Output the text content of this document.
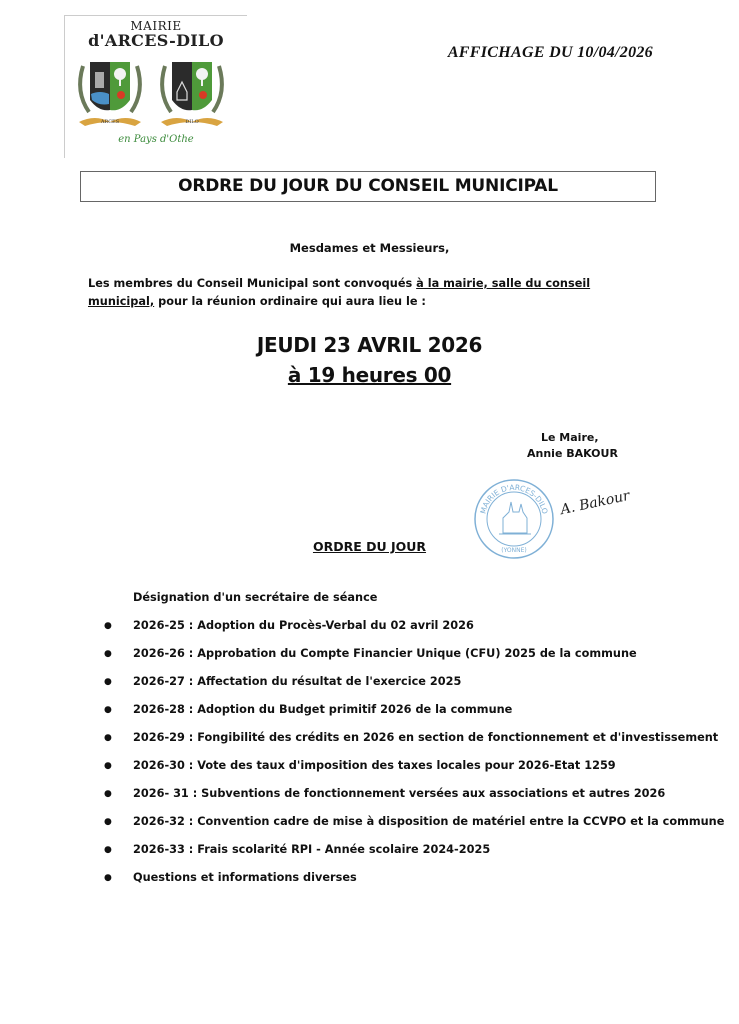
MAIRIE
d'ARCES-DILO
ARCES	DILO
en Pays d'Othe
AFFICHAGE DU 10/04/2026
ORDRE DU JOUR DU CONSEIL MUNICIPAL
Mesdames et Messieurs,
Les membres du Conseil Municipal sont convoqués à la mairie, salle du conseil municipal, pour la réunion ordinaire qui aura lieu le :
JEUDI 23 AVRIL 2026
à 19 heures 00
Le Maire,
Annie BAKOUR
MAIRIE D'ARCES-DILO
(YONNE)
A. Bakour
ORDRE DU JOUR
Désignation d'un secrétaire de séance
● 2026-25 : Adoption du Procès-Verbal du 02 avril 2026
● 2026-26 : Approbation du Compte Financier Unique (CFU) 2025 de la commune
● 2026-27 : Affectation du résultat de l'exercice 2025
● 2026-28 : Adoption du Budget primitif 2026 de la commune
● 2026-29 : Fongibilité des crédits en 2026 en section de fonctionnement et d'investissement
● 2026-30 : Vote des taux d'imposition des taxes locales pour 2026-Etat 1259
● 2026- 31 : Subventions de fonctionnement versées aux associations et autres 2026
● 2026-32 : Convention cadre de mise à disposition de matériel entre la CCVPO et la commune
● 2026-33 : Frais scolarité RPI - Année scolaire 2024-2025
● Questions et informations diverses
